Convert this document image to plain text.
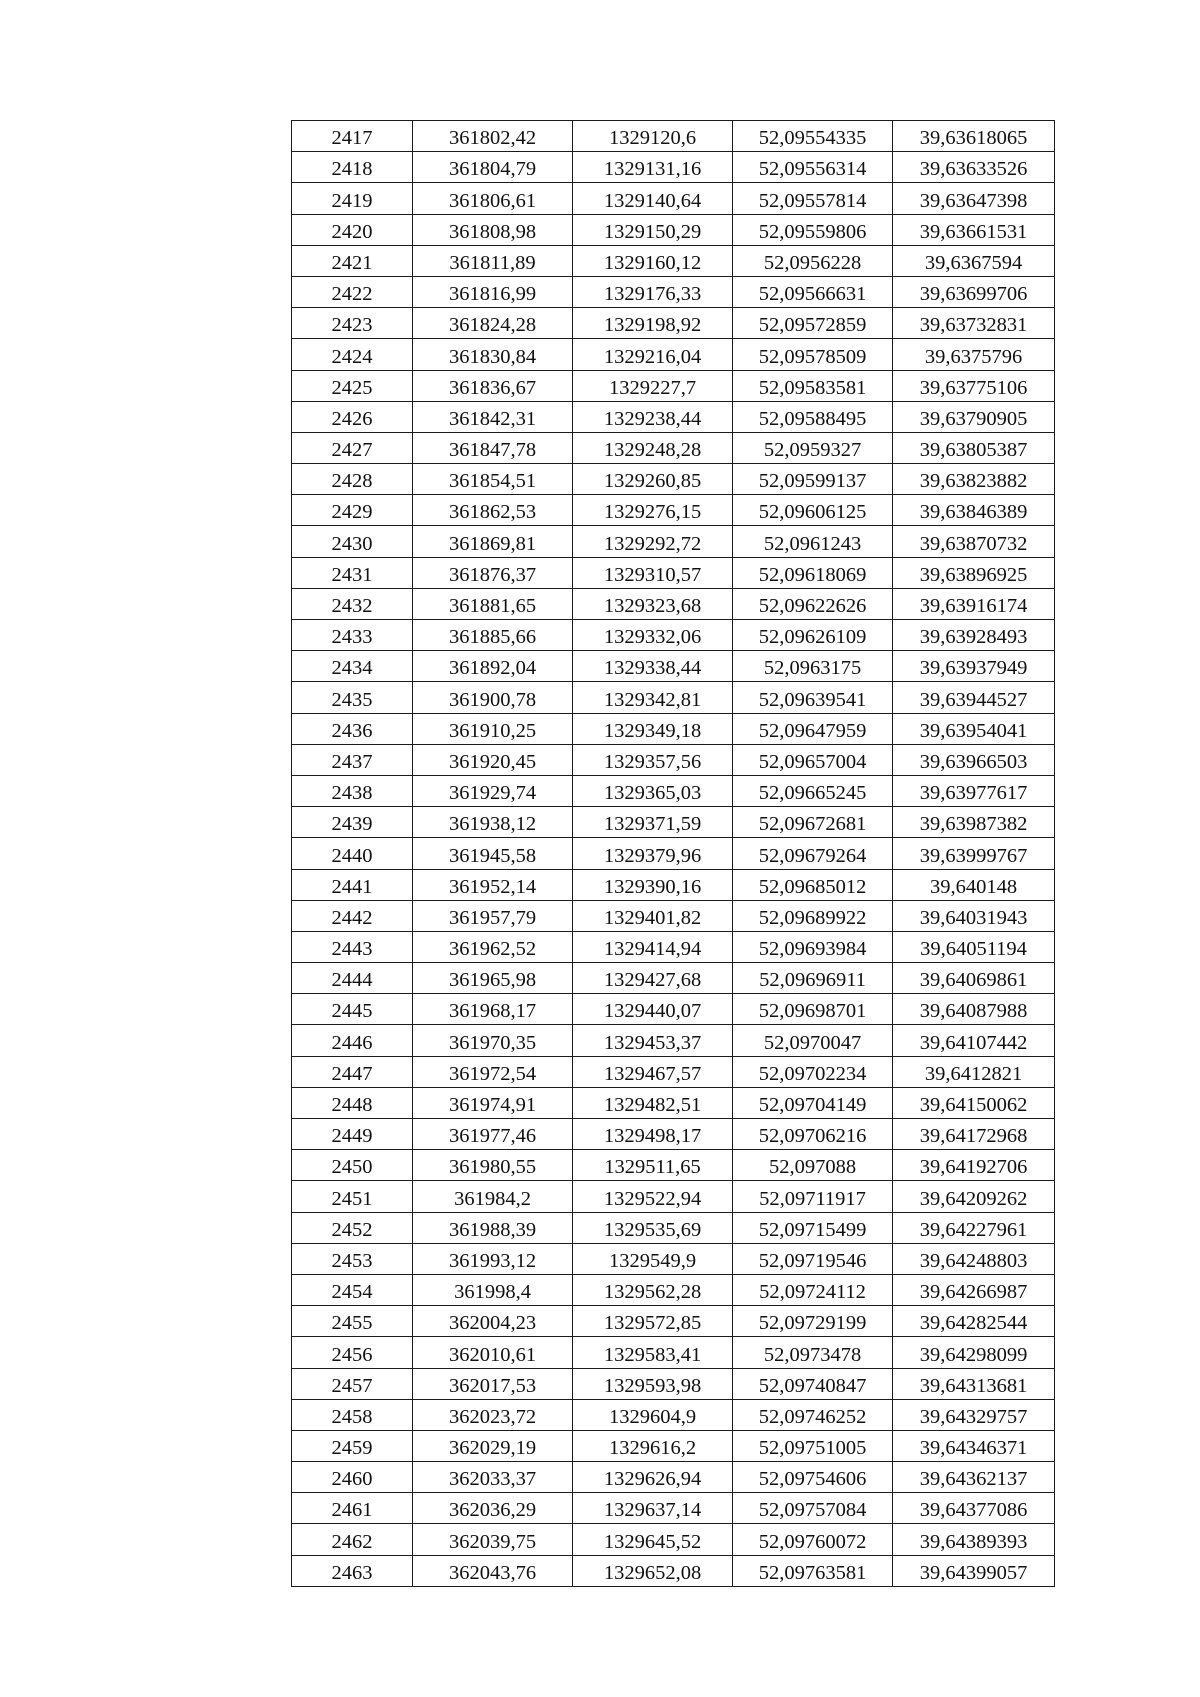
2417	361802,42	1329120,6	52,09554335	39,63618065
2418	361804,79	1329131,16	52,09556314	39,63633526
2419	361806,61	1329140,64	52,09557814	39,63647398
2420	361808,98	1329150,29	52,09559806	39,63661531
2421	361811,89	1329160,12	52,0956228	39,6367594
2422	361816,99	1329176,33	52,09566631	39,63699706
2423	361824,28	1329198,92	52,09572859	39,63732831
2424	361830,84	1329216,04	52,09578509	39,6375796
2425	361836,67	1329227,7	52,09583581	39,63775106
2426	361842,31	1329238,44	52,09588495	39,63790905
2427	361847,78	1329248,28	52,0959327	39,63805387
2428	361854,51	1329260,85	52,09599137	39,63823882
2429	361862,53	1329276,15	52,09606125	39,63846389
2430	361869,81	1329292,72	52,0961243	39,63870732
2431	361876,37	1329310,57	52,09618069	39,63896925
2432	361881,65	1329323,68	52,09622626	39,63916174
2433	361885,66	1329332,06	52,09626109	39,63928493
2434	361892,04	1329338,44	52,0963175	39,63937949
2435	361900,78	1329342,81	52,09639541	39,63944527
2436	361910,25	1329349,18	52,09647959	39,63954041
2437	361920,45	1329357,56	52,09657004	39,63966503
2438	361929,74	1329365,03	52,09665245	39,63977617
2439	361938,12	1329371,59	52,09672681	39,63987382
2440	361945,58	1329379,96	52,09679264	39,63999767
2441	361952,14	1329390,16	52,09685012	39,640148
2442	361957,79	1329401,82	52,09689922	39,64031943
2443	361962,52	1329414,94	52,09693984	39,64051194
2444	361965,98	1329427,68	52,09696911	39,64069861
2445	361968,17	1329440,07	52,09698701	39,64087988
2446	361970,35	1329453,37	52,0970047	39,64107442
2447	361972,54	1329467,57	52,09702234	39,6412821
2448	361974,91	1329482,51	52,09704149	39,64150062
2449	361977,46	1329498,17	52,09706216	39,64172968
2450	361980,55	1329511,65	52,097088	39,64192706
2451	361984,2	1329522,94	52,09711917	39,64209262
2452	361988,39	1329535,69	52,09715499	39,64227961
2453	361993,12	1329549,9	52,09719546	39,64248803
2454	361998,4	1329562,28	52,09724112	39,64266987
2455	362004,23	1329572,85	52,09729199	39,64282544
2456	362010,61	1329583,41	52,0973478	39,64298099
2457	362017,53	1329593,98	52,09740847	39,64313681
2458	362023,72	1329604,9	52,09746252	39,64329757
2459	362029,19	1329616,2	52,09751005	39,64346371
2460	362033,37	1329626,94	52,09754606	39,64362137
2461	362036,29	1329637,14	52,09757084	39,64377086
2462	362039,75	1329645,52	52,09760072	39,64389393
2463	362043,76	1329652,08	52,09763581	39,64399057
